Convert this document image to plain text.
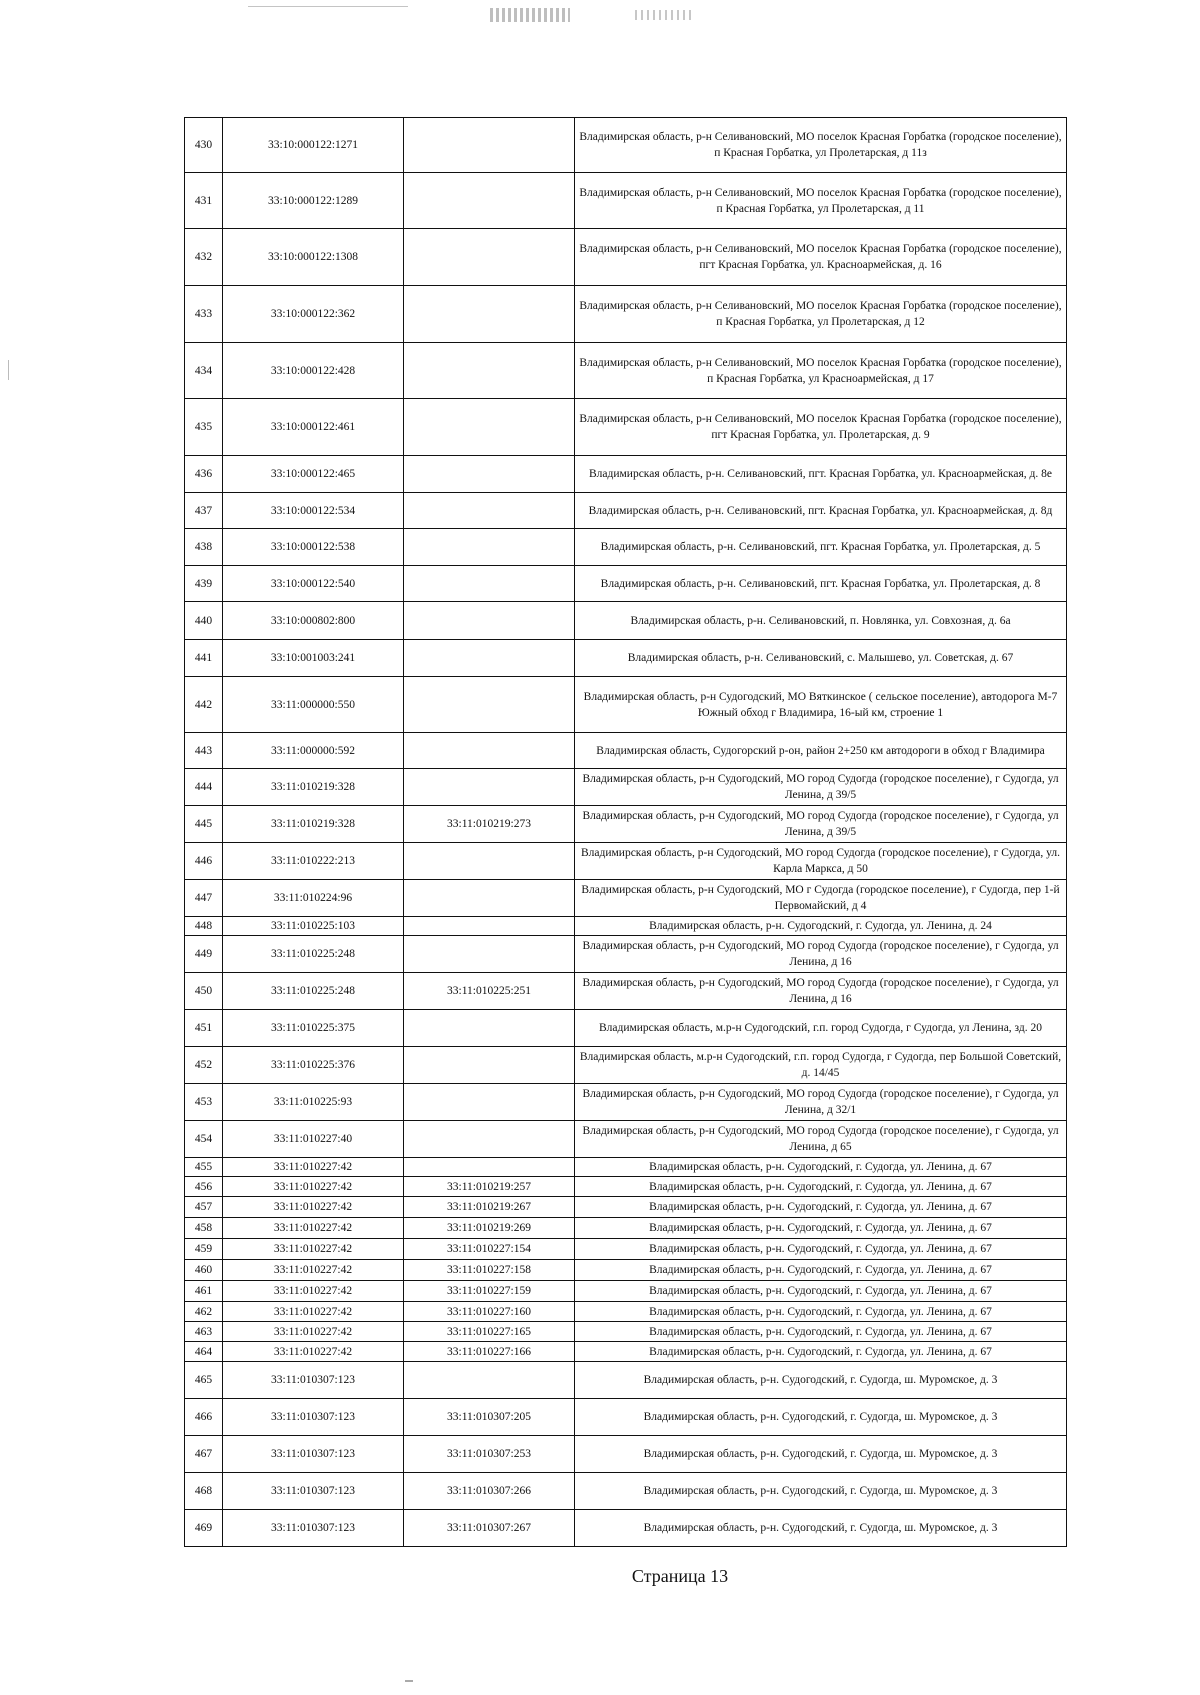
430	33:10:000122:1271		Владимирская область, р-н Селивановский, МО поселок Красная Горбатка (городское поселение), п Красная Горбатка, ул Пролетарская, д 11з

431	33:10:000122:1289		Владимирская область, р-н Селивановский, МО поселок Красная Горбатка (городское поселение), п Красная Горбатка, ул Пролетарская, д 11

432	33:10:000122:1308		Владимирская область, р-н Селивановский, МО поселок Красная Горбатка (городское поселение), пгт Красная Горбатка, ул. Красноармейская, д. 16

433	33:10:000122:362		Владимирская область, р-н Селивановский, МО поселок Красная Горбатка (городское поселение), п Красная Горбатка, ул Пролетарская, д 12

434	33:10:000122:428		Владимирская область, р-н Селивановский, МО поселок Красная Горбатка (городское поселение), п Красная Горбатка, ул Красноармейская, д 17

435	33:10:000122:461		Владимирская область, р-н Селивановский, МО поселок Красная Горбатка (городское поселение), пгт Красная Горбатка, ул. Пролетарская, д. 9

436	33:10:000122:465		Владимирская область, р-н. Селивановский, пгт. Красная Горбатка, ул. Красноармейская, д. 8е

437	33:10:000122:534		Владимирская область, р-н. Селивановский, пгт. Красная Горбатка, ул. Красноармейская, д. 8д

438	33:10:000122:538		Владимирская область, р-н. Селивановский, пгт. Красная Горбатка, ул. Пролетарская, д. 5

439	33:10:000122:540		Владимирская область, р-н. Селивановский, пгт. Красная Горбатка, ул. Пролетарская, д. 8

440	33:10:000802:800		Владимирская область, р-н. Селивановский, п. Новлянка, ул. Совхозная, д. 6а

441	33:10:001003:241		Владимирская область, р-н. Селивановский, с. Малышево, ул. Советская, д. 67

442	33:11:000000:550		Владимирская область, р-н Судогодский, МО Вяткинское ( сельское поселение), автодорога М-7 Южный обход г Владимира, 16-ый км, строение 1

443	33:11:000000:592		Владимирская область, Судогорский р-он, район 2+250 км автодороги в обход г Владимира

444	33:11:010219:328		Владимирская область, р-н Судогодский, МО город Судогда (городское поселение), г Судогда, ул Ленина, д 39/5

445	33:11:010219:328	33:11:010219:273	Владимирская область, р-н Судогодский, МО город Судогда (городское поселение), г Судогда, ул Ленина, д 39/5

446	33:11:010222:213		Владимирская область, р-н Судогодский, МО город Судогда (городское поселение), г Судогда, ул. Карла Маркса, д 50

447	33:11:010224:96		Владимирская область, р-н Судогодский, МО г Судогда (городское поселение), г Судогда, пер 1-й Первомайский, д 4

448	33:11:010225:103		Владимирская область, р-н. Судогодский, г. Судогда, ул. Ленина, д. 24

449	33:11:010225:248		Владимирская область, р-н Судогодский, МО город Судогда (городское поселение), г Судогда, ул Ленина, д 16

450	33:11:010225:248	33:11:010225:251	Владимирская область, р-н Судогодский, МО город Судогда (городское поселение), г Судогда, ул Ленина, д 16

451	33:11:010225:375		Владимирская область, м.р-н Судогодский, г.п. город Судогда, г Судогда, ул Ленина, зд. 20

452	33:11:010225:376		Владимирская область, м.р-н Судогодский, г.п. город Судогда, г Судогда, пер Большой Советский, д. 14/45

453	33:11:010225:93		Владимирская область, р-н Судогодский, МО город Судогда (городское поселение), г Судогда, ул Ленина, д 32/1

454	33:11:010227:40		Владимирская область, р-н Судогодский, МО город Судогда (городское поселение), г Судогда, ул Ленина, д 65

455	33:11:010227:42		Владимирская область, р-н. Судогодский, г. Судогда, ул. Ленина, д. 67

456	33:11:010227:42	33:11:010219:257	Владимирская область, р-н. Судогодский, г. Судогда, ул. Ленина, д. 67

457	33:11:010227:42	33:11:010219:267	Владимирская область, р-н. Судогодский, г. Судогда, ул. Ленина, д. 67

458	33:11:010227:42	33:11:010219:269	Владимирская область, р-н. Судогодский, г. Судогда, ул. Ленина, д. 67

459	33:11:010227:42	33:11:010227:154	Владимирская область, р-н. Судогодский, г. Судогда, ул. Ленина, д. 67

460	33:11:010227:42	33:11:010227:158	Владимирская область, р-н. Судогодский, г. Судогда, ул. Ленина, д. 67

461	33:11:010227:42	33:11:010227:159	Владимирская область, р-н. Судогодский, г. Судогда, ул. Ленина, д. 67

462	33:11:010227:42	33:11:010227:160	Владимирская область, р-н. Судогодский, г. Судогда, ул. Ленина, д. 67

463	33:11:010227:42	33:11:010227:165	Владимирская область, р-н. Судогодский, г. Судогда, ул. Ленина, д. 67

464	33:11:010227:42	33:11:010227:166	Владимирская область, р-н. Судогодский, г. Судогда, ул. Ленина, д. 67

465	33:11:010307:123		Владимирская область, р-н. Судогодский, г. Судогда, ш. Муромское, д. 3

466	33:11:010307:123	33:11:010307:205	Владимирская область, р-н. Судогодский, г. Судогда, ш. Муромское, д. 3

467	33:11:010307:123	33:11:010307:253	Владимирская область, р-н. Судогодский, г. Судогда, ш. Муромское, д. 3

468	33:11:010307:123	33:11:010307:266	Владимирская область, р-н. Судогодский, г. Судогда, ш. Муромское, д. 3

469	33:11:010307:123	33:11:010307:267	Владимирская область, р-н. Судогодский, г. Судогда, ш. Муромское, д. 3
Страница 13
